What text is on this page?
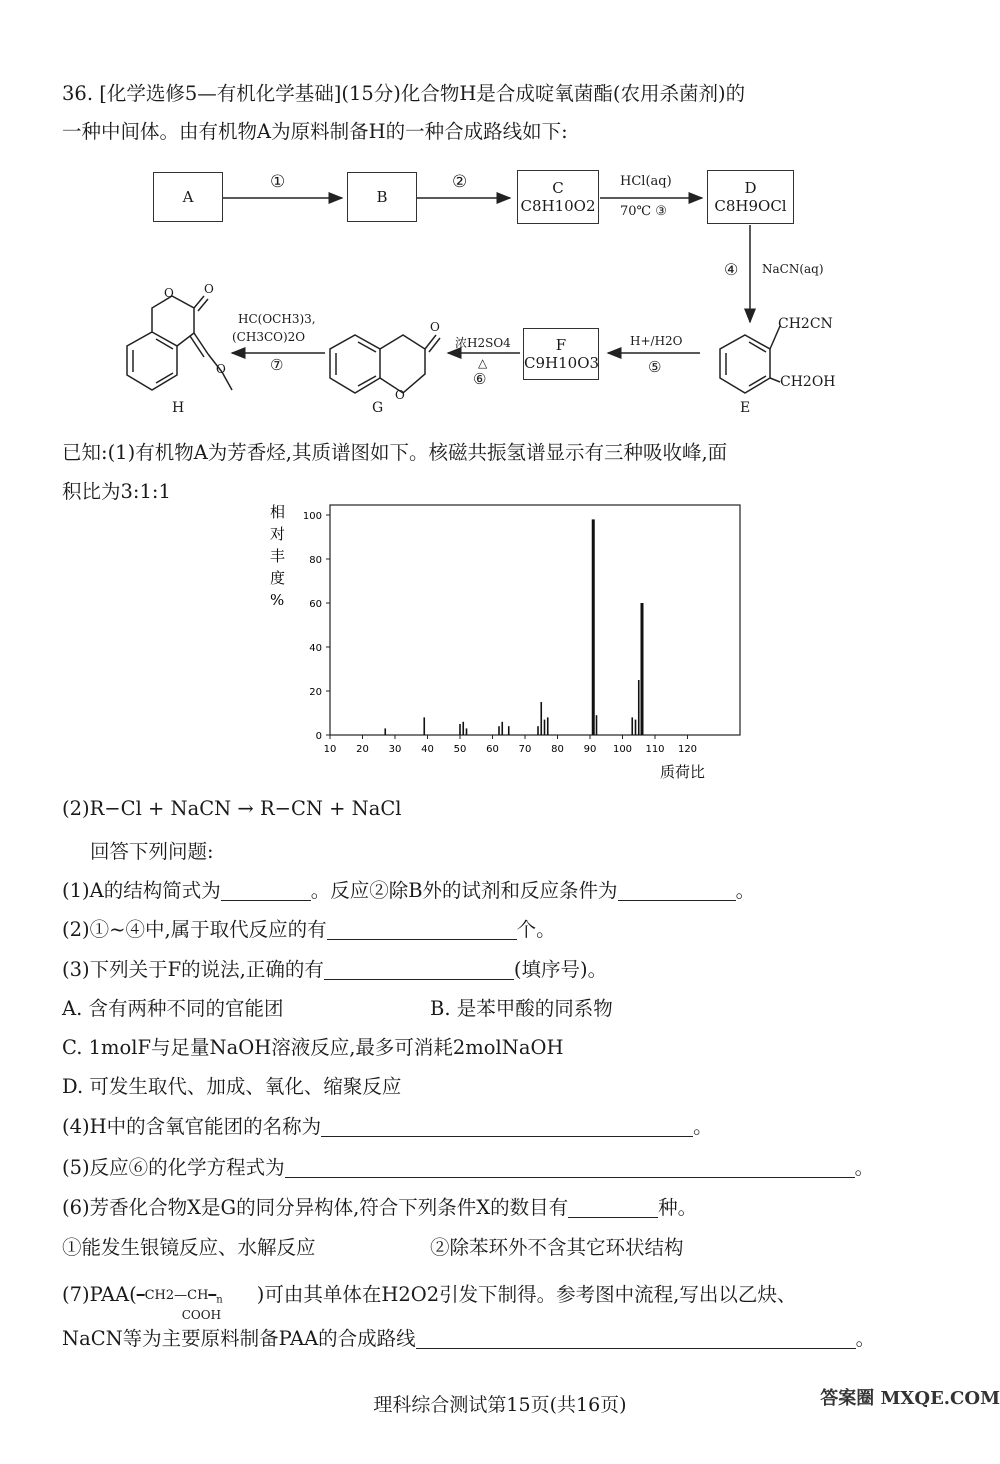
36. [化学选修5—有机化学基础](15分)化合物H是合成啶氧菌酯(农用杀菌剂)的
一种中间体。由有机物A为原料制备H的一种合成路线如下:
A	B	C
C8H10O2
D
C8H9OCl
F
C9H10O3
①	②	HCl(aq)
70℃ ③
④ NaCN(aq)
H+/H2O
⑤
浓H2SO4
△
⑥
HC(OCH3)3,
(CH3CO)2O
⑦
CH2CN
CH2OH
O
O
O	O
O
E
G
H
已知:(1)有机物A为芳香烃,其质谱图如下。核磁共振氢谱显示有三种吸收峰,面
积比为3:1:1
0
20
40
60
80
100
10 20 30 40 50 60 70 80 90 100 110 120
相
对
丰
度
%
质荷比
(2)R−Cl + NaCN → R−CN + NaCl
回答下列问题:
(1)A的结构简式为	。反应②除B外的试剂和反应条件为	。
(2)①~④中,属于取代反应的有	个。
(3)下列关于F的说法,正确的有	(填序号)。
A. 含有两种不同的官能团	B. 是苯甲酸的同系物
C. 1molF与足量NaOH溶液反应,最多可消耗2molNaOH
D. 可发生取代、加成、氧化、缩聚反应
(4)H中的含氧官能团的名称为	。
(5)反应⑥的化学方程式为	。
(6)芳香化合物X是G的同分异构体,符合下列条件X的数目有	种。
①能发生银镜反应、水解反应	②除苯环外不含其它环状结构
$(7)PAA(─CH2—CH─_n$
COOH
)可由其单体在H2O2引发下制得。参考图中流程,写出以乙炔、
NaCN等为主要原料制备PAA的合成路线	。
理科综合测试第15页(共16页)	答案圈 MXQE.COM
